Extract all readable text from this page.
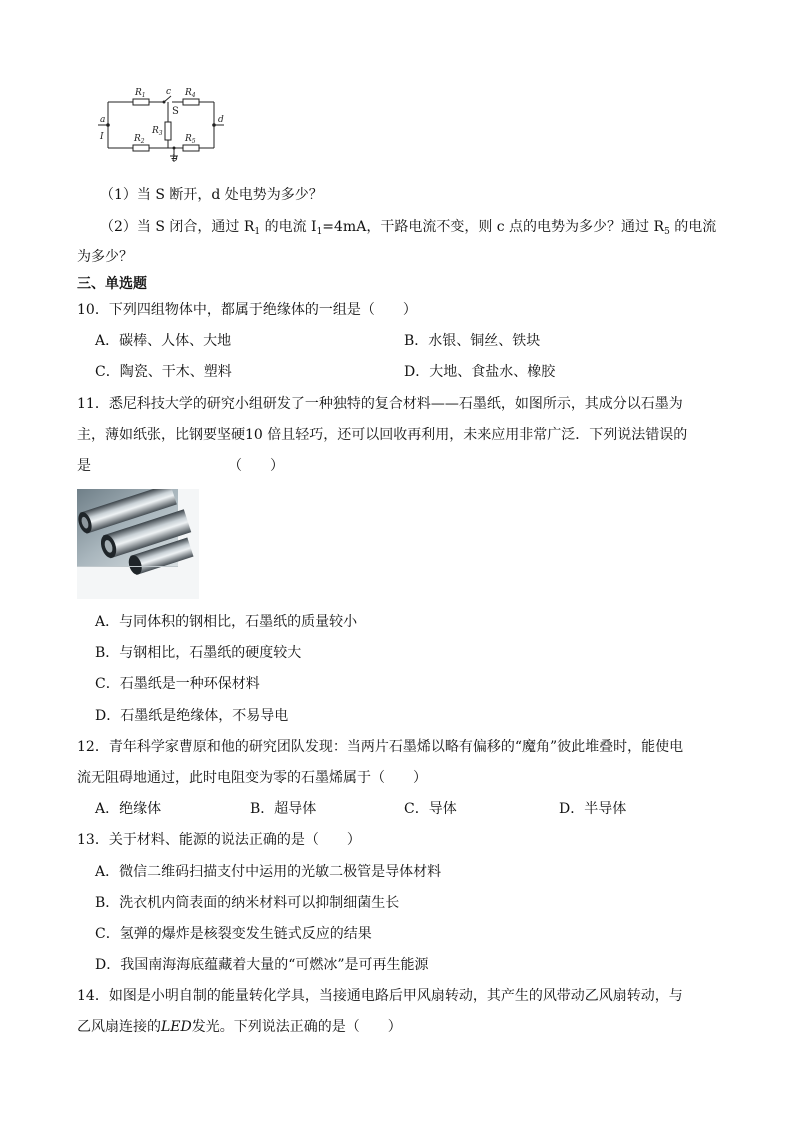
$R_1$	$R_4$
$R_2$	$R_5$
$R_3$
c
S
b
a
I
d
（1）当 S 断开，d 处电势为多少？
（2）当 S 闭合，通过 $R_1$ 的电流 $I_1=4mA$，干路电流不变，则 c 点的电势为多少？通过 $R_5$ 的电流
为多少？
三、单选题
10．下列四组物体中，都属于绝缘体的一组是（　　）
A．碳棒、人体、大地	B．水银、铜丝、铁块
C．陶瓷、干木、塑料	D．大地、食盐水、橡胶
11．悉尼科技大学的研究小组研发了一种独特的复合材料——石墨纸，如图所示，其成分以石墨为
主，薄如纸张，比钢要坚硬10 倍且轻巧，还可以回收再利用，未来应用非常广泛．下列说法错误的
是	（　　）
A．与同体积的钢相比，石墨纸的质量较小
B．与钢相比，石墨纸的硬度较大
C．石墨纸是一种环保材料
D．石墨纸是绝缘体，不易导电
12．青年科学家曹原和他的研究团队发现：当两片石墨烯以略有偏移的“魔角”彼此堆叠时，能使电
流无阻碍地通过，此时电阻变为零的石墨烯属于（　　）
A．绝缘体	B．超导体	C．导体	D．半导体
13．关于材料、能源的说法正确的是（　　）
A．微信二维码扫描支付中运用的光敏二极管是导体材料
B．洗衣机内筒表面的纳米材料可以抑制细菌生长
C．氢弹的爆炸是核裂变发生链式反应的结果
D．我国南海海底蕴藏着大量的“可燃冰”是可再生能源
14．如图是小明自制的能量转化学具，当接通电路后甲风扇转动，其产生的风带动乙风扇转动，与
乙风扇连接的LED发光。下列说法正确的是（　　）
